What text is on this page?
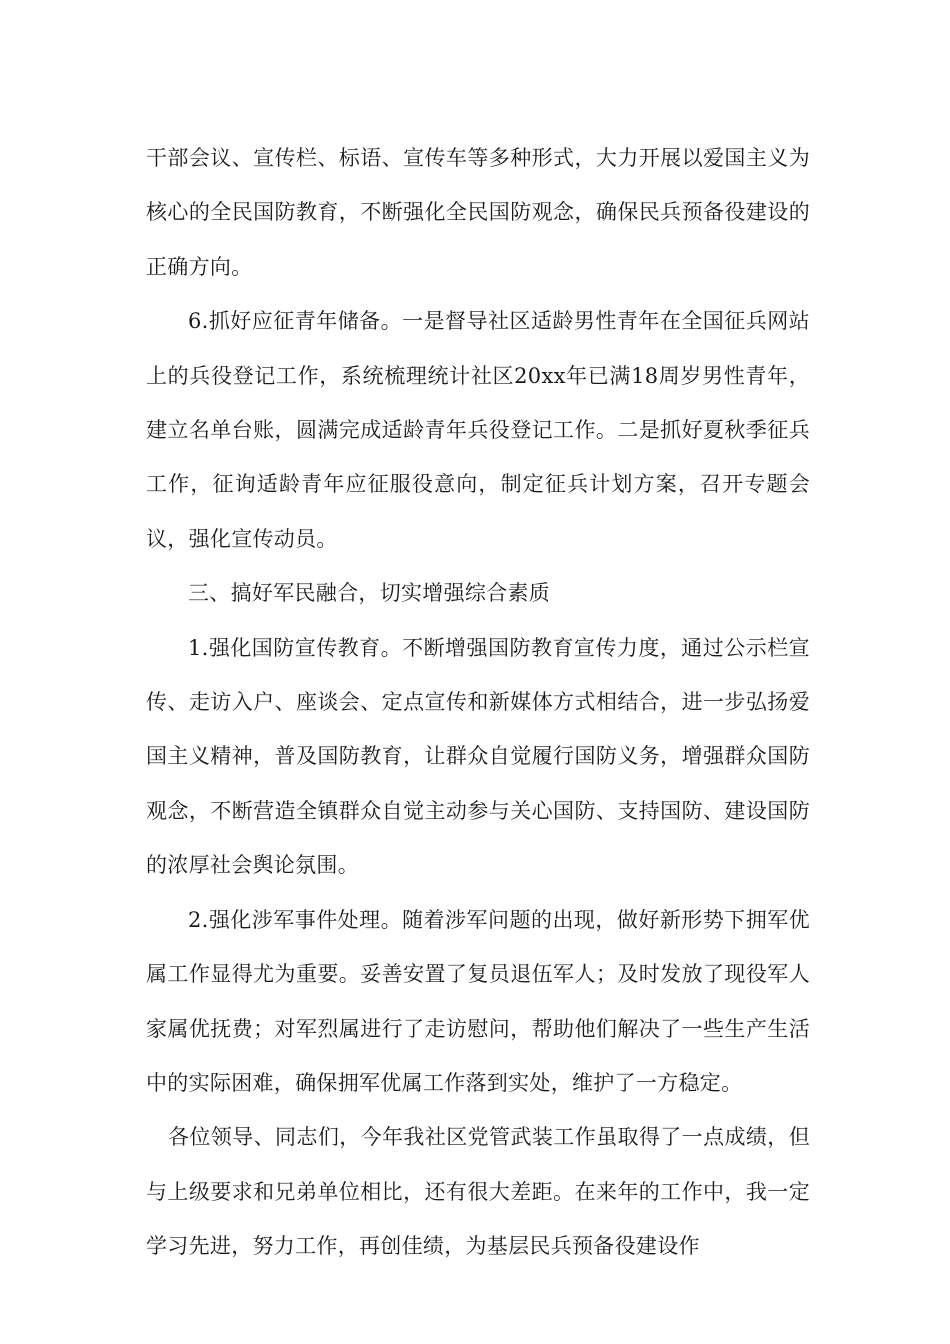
干部会议、宣传栏、标语、宣传车等多种形式，大力开展以爱国主义为核心的全民国防教育，不断强化全民国防观念，确保民兵预备役建设的正确方向。

6.抓好应征青年储备。一是督导社区适龄男性青年在全国征兵网站上的兵役登记工作，系统梳理统计社区20xx年已满18周岁男性青年，建立名单台账，圆满完成适龄青年兵役登记工作。二是抓好夏秋季征兵工作，征询适龄青年应征服役意向，制定征兵计划方案，召开专题会议，强化宣传动员。

三、搞好军民融合，切实增强综合素质

1.强化国防宣传教育。不断增强国防教育宣传力度，通过公示栏宣传、走访入户、座谈会、定点宣传和新媒体方式相结合，进一步弘扬爱国主义精神，普及国防教育，让群众自觉履行国防义务，增强群众国防观念，不断营造全镇群众自觉主动参与关心国防、支持国防、建设国防的浓厚社会舆论氛围。

2.强化涉军事件处理。随着涉军问题的出现，做好新形势下拥军优属工作显得尤为重要。妥善安置了复员退伍军人；及时发放了现役军人家属优抚费；对军烈属进行了走访慰问，帮助他们解决了一些生产生活中的实际困难，确保拥军优属工作落到实处，维护了一方稳定。

各位领导、同志们，今年我社区党管武装工作虽取得了一点成绩，但与上级要求和兄弟单位相比，还有很大差距。在来年的工作中，我一定学习先进，努力工作，再创佳绩，为基层民兵预备役建设作
